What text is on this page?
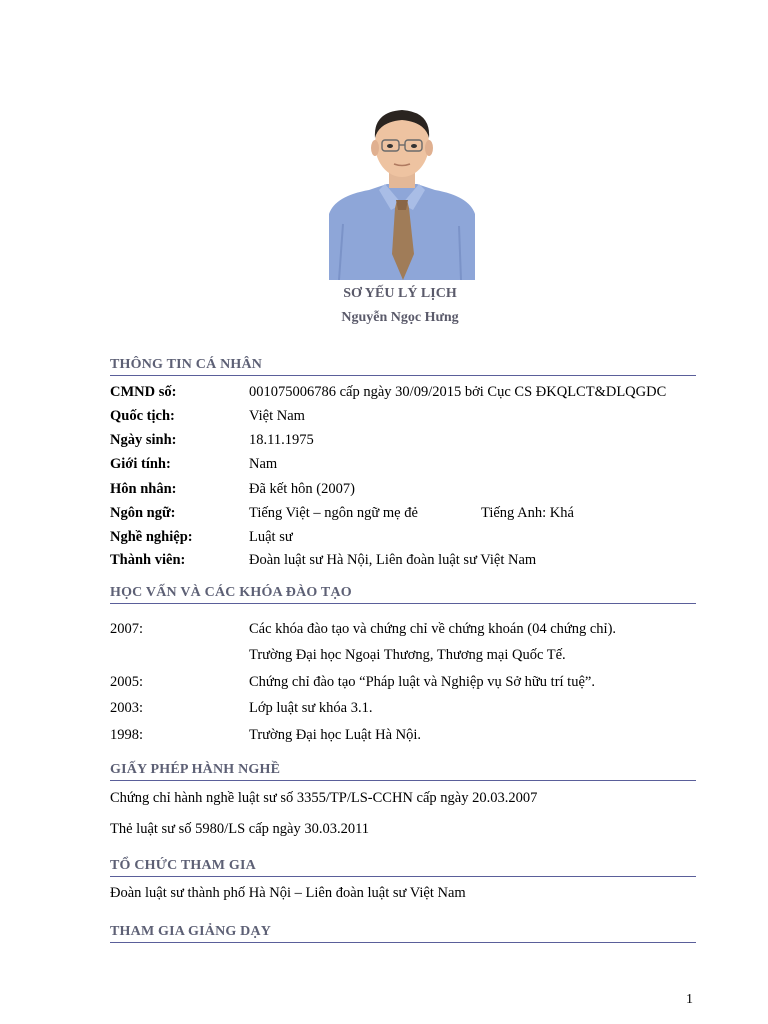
SƠ YẾU LÝ LỊCH
Nguyễn Ngọc Hưng
THÔNG TIN CÁ NHÂN
CMND số:	001075006786 cấp ngày 30/09/2015 bởi Cục CS ĐKQLCT&DLQGDC
Quốc tịch:	Việt Nam
Ngày sinh:	18.11.1975
Giới tính:	Nam
Hôn nhân:	Đã kết hôn (2007)
Ngôn ngữ:	Tiếng Việt – ngôn ngữ mẹ đẻ	Tiếng Anh: Khá
Nghề nghiệp:	Luật sư
Thành viên:	Đoàn luật sư Hà Nội, Liên đoàn luật sư Việt Nam
HỌC VẤN VÀ CÁC KHÓA ĐÀO TẠO
2007:	Các khóa đào tạo và chứng chỉ về chứng khoán (04 chứng chỉ).
Trường Đại học Ngoại Thương, Thương mại Quốc Tế.
2005:	Chứng chỉ đào tạo “Pháp luật và Nghiệp vụ Sở hữu trí tuệ”.
2003:	Lớp luật sư khóa 3.1.
1998:	Trường Đại học Luật Hà Nội.
GIẤY PHÉP HÀNH NGHỀ
Chứng chỉ hành nghề luật sư số 3355/TP/LS-CCHN cấp ngày 20.03.2007
Thẻ luật sư số 5980/LS cấp ngày 30.03.2011
TỔ CHỨC THAM GIA
Đoàn luật sư thành phố Hà Nội – Liên đoàn luật sư Việt Nam
THAM GIA GIẢNG DẠY
1
